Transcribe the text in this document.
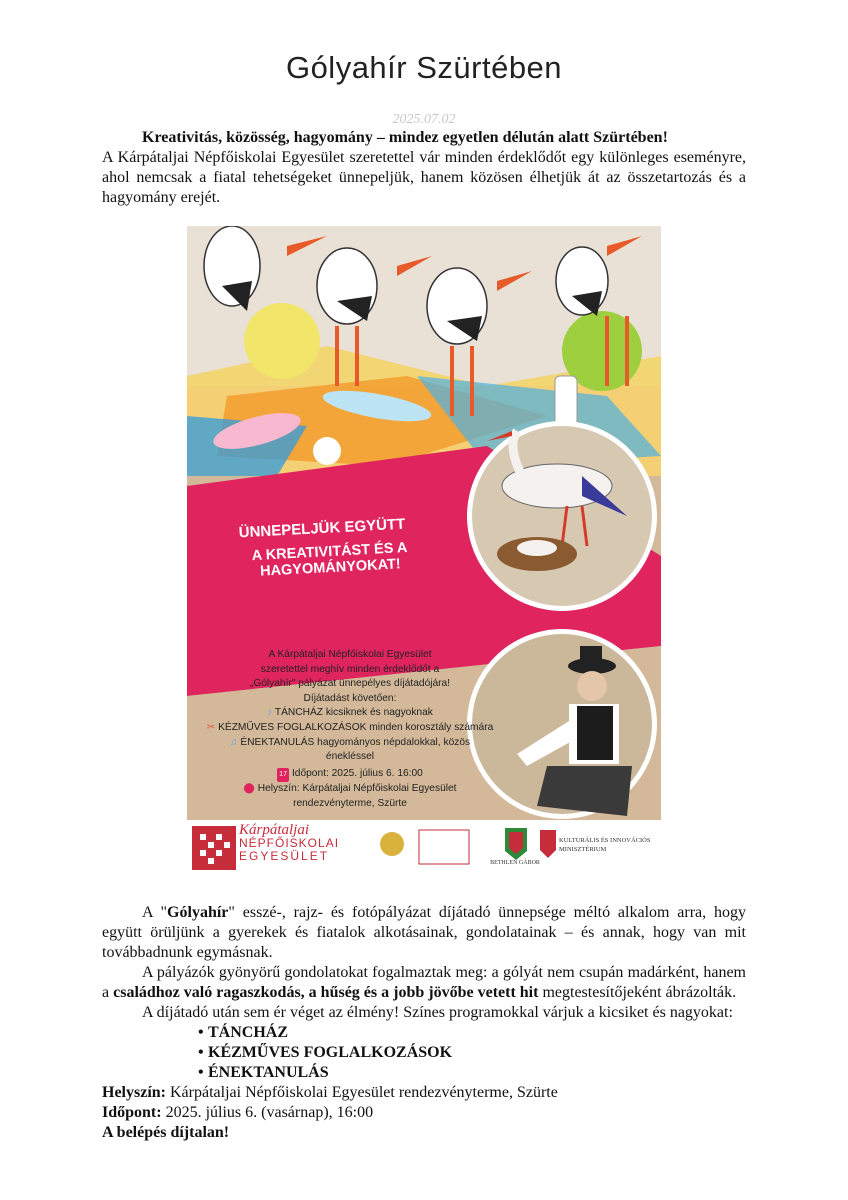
Gólyahír Szürtében
2025.07.02

Kreativitás, közösség, hagyomány – mindez egyetlen délután alatt Szürtében!

A Kárpátaljai Népfőiskolai Egyesület szeretettel vár minden érdeklődőt egy különleges eseményre, ahol nemcsak a fiatal tehetségeket ünnepeljük, hanem közösen élhetjük át az összetartozás és a hagyomány erejét.

ÜNNEPELJÜK EGYÜTT
A KREATIVITÁST ÉS A HAGYOMÁNYOKAT!
A Kárpátaljai Népfőiskolai Egyesület
szeretettel meghív minden érdeklődőt a
„Gólyahír" pályázat ünnepélyes díjátadójára!
Díjátadást követően:
♪ TÁNCHÁZ kicsiknek és nagyoknak
✂ KÉZMŰVES FOGLALKOZÁSOK minden korosztály számára
♫ ÉNEKTANULÁS hagyományos népdalokkal, közös énekléssel
17 Időpont: 2025. július 6. 16:00
⬤ Helyszín: Kárpátaljai Népfőiskolai Egyesület
rendezvényterme, Szürte
Kárpátaljai
NÉPFŐISKOLAI
EGYESÜLET	BETHLEN GÁBOR
KULTURÁLIS ÉS INNOVÁCIÓS
MINISZTÉRIUM

A "Gólyahír" esszé-, rajz- és fotópályázat díjátadó ünnepsége méltó alkalom arra, hogy együtt örüljünk a gyerekek és fiatalok alkotásainak, gondolatainak – és annak, hogy van mit továbbadnunk egymásnak.

A pályázók gyönyörű gondolatokat fogalmaztak meg: a gólyát nem csupán madárként, hanem a családhoz való ragaszkodás, a hűség és a jobb jövőbe vetett hit megtestesítőjeként ábrázolták.

A díjátadó után sem ér véget az élmény! Színes programokkal várjuk a kicsiket és nagyokat:

• TÁNCHÁZ
• KÉZMŰVES FOGLALKOZÁSOK
• ÉNEKTANULÁS

Helyszín: Kárpátaljai Népfőiskolai Egyesület rendezvényterme, Szürte

Időpont: 2025. július 6. (vasárnap), 16:00

A belépés díjtalan!
